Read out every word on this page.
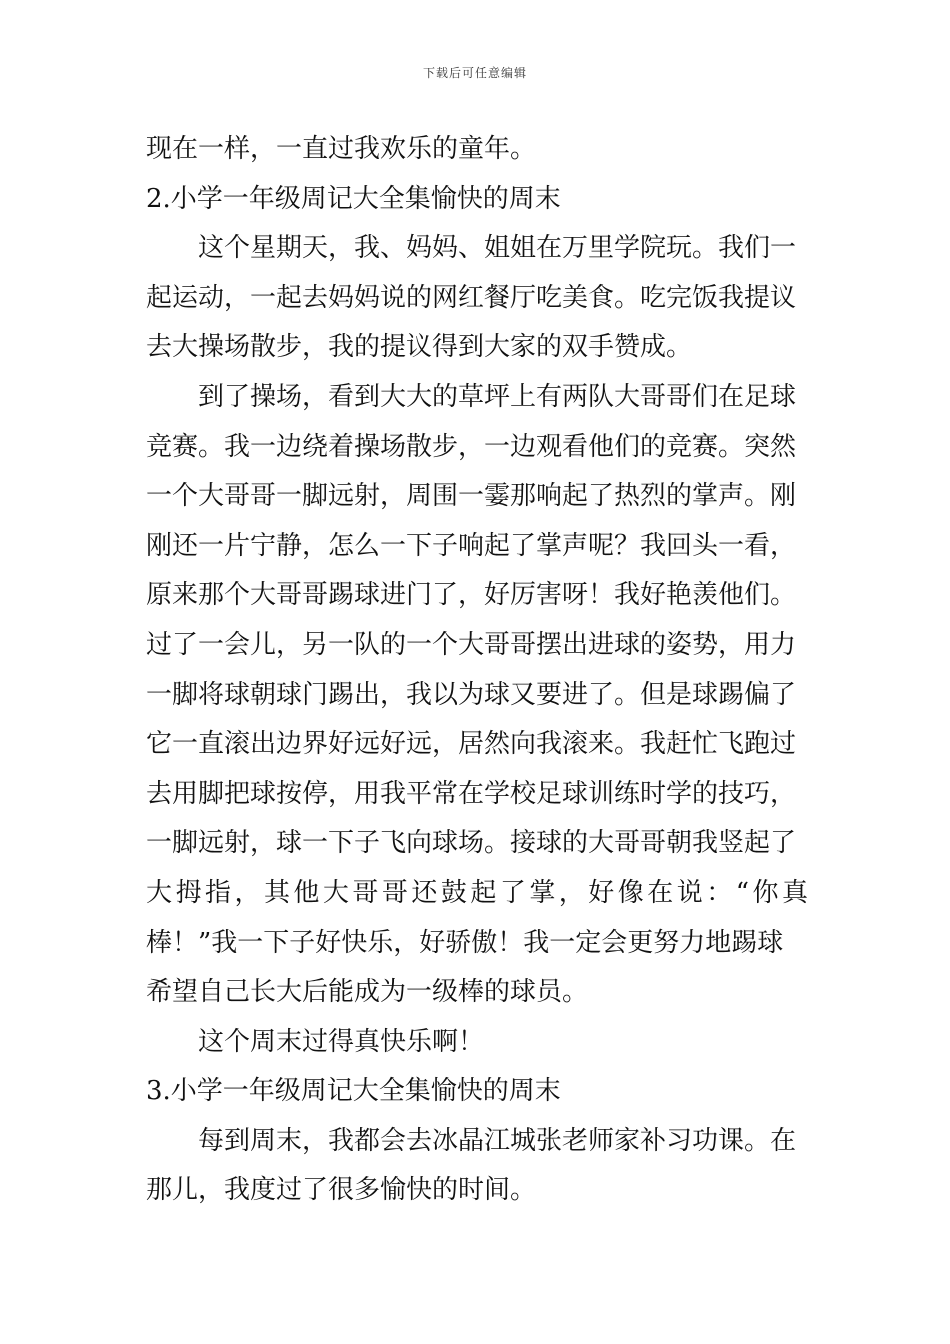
下载后可任意编辑
现在一样，一直过我欢乐的童年。
2.小学一年级周记大全集愉快的周末
这个星期天，我、妈妈、姐姐在万里学院玩。我们一
起运动，一起去妈妈说的网红餐厅吃美食。吃完饭我提议
去大操场散步，我的提议得到大家的双手赞成。
到了操场，看到大大的草坪上有两队大哥哥们在足球
竞赛。我一边绕着操场散步，一边观看他们的竞赛。突然
一个大哥哥一脚远射，周围一霎那响起了热烈的掌声。刚
刚还一片宁静，怎么一下子响起了掌声呢？我回头一看，
原来那个大哥哥踢球进门了，好厉害呀！我好艳羡他们。
过了一会儿，另一队的一个大哥哥摆出进球的姿势，用力
一脚将球朝球门踢出，我以为球又要进了。但是球踢偏了
它一直滚出边界好远好远，居然向我滚来。我赶忙飞跑过
去用脚把球按停，用我平常在学校足球训练时学的技巧，
一脚远射，球一下子飞向球场。接球的大哥哥朝我竖起了
大拇指，其他大哥哥还鼓起了掌，好像在说：“你真
棒！”我一下子好快乐，好骄傲！我一定会更努力地踢球
希望自己长大后能成为一级棒的球员。
这个周末过得真快乐啊！
3.小学一年级周记大全集愉快的周末
每到周末，我都会去冰晶江城张老师家补习功课。在
那儿，我度过了很多愉快的时间。
